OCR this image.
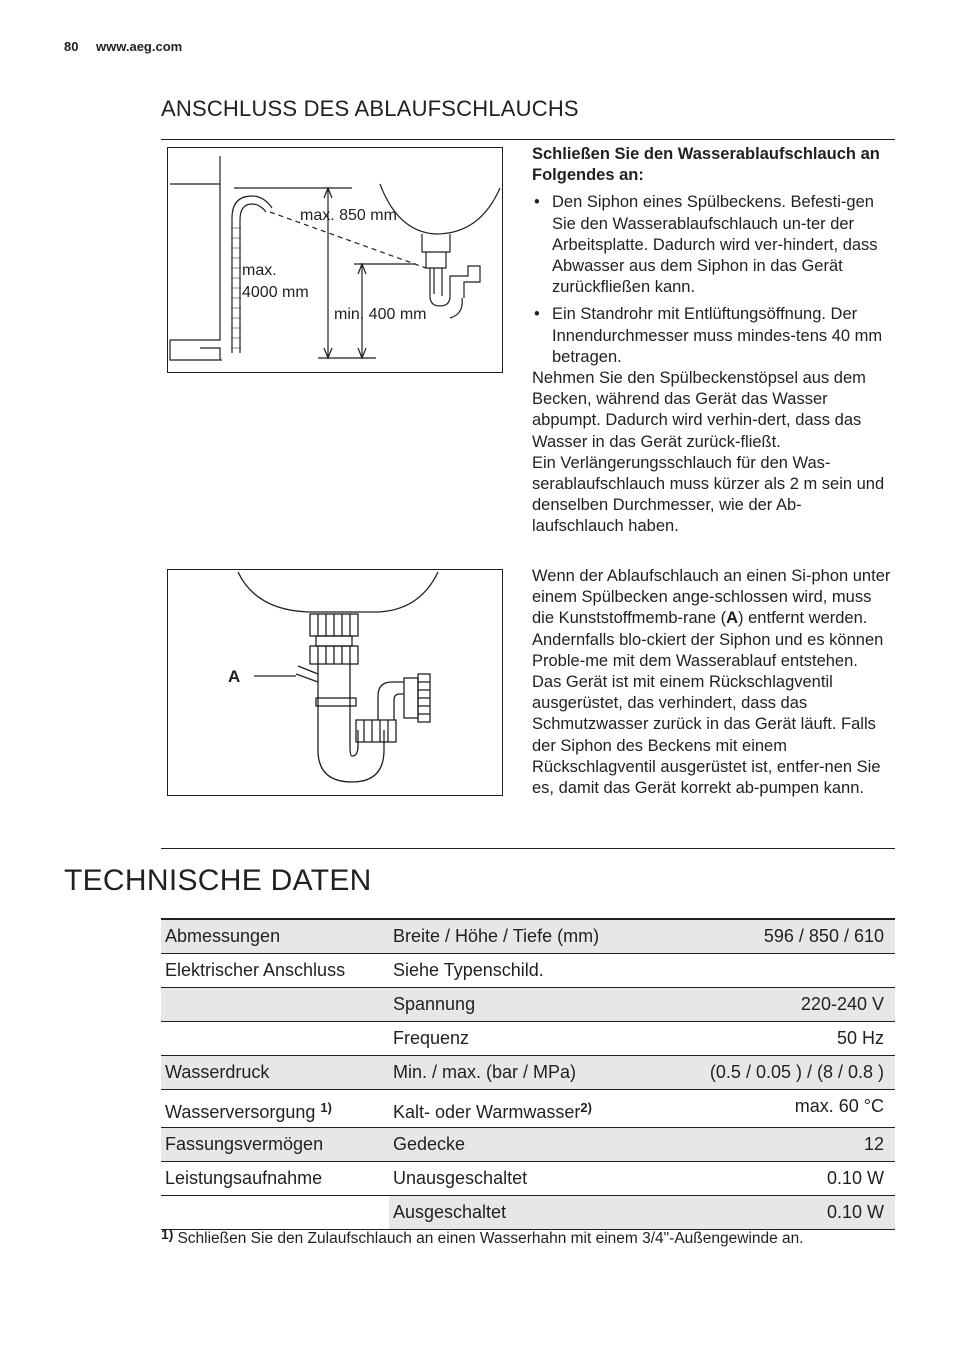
80 www.aeg.com
ANSCHLUSS DES ABLAUFSCHLAUCHS
max. 850 mm
max.
4000 mm
min. 400 mm

Schließen Sie den Wasserablaufschlauch an Folgendes an:

• Den Siphon eines Spülbeckens. Befesti-gen Sie den Wasserablaufschlauch un-ter der Arbeitsplatte. Dadurch wird ver-hindert, dass Abwasser aus dem Siphon in das Gerät zurückfließen kann.
• Ein Standrohr mit Entlüftungsöffnung. Der Innendurchmesser muss mindes-tens 40 mm betragen.

Nehmen Sie den Spülbeckenstöpsel aus dem Becken, während das Gerät das Wasser abpumpt. Dadurch wird verhin-dert, dass das Wasser in das Gerät zurück-fließt.

Ein Verlängerungsschlauch für den Was-serablaufschlauch muss kürzer als 2 m sein und denselben Durchmesser, wie der Ab-laufschlauch haben.

A

Wenn der Ablaufschlauch an einen Si-phon unter einem Spülbecken ange-schlossen wird, muss die Kunststoffmemb-rane (A) entfernt werden. Andernfalls blo-ckiert der Siphon und es können Proble-me mit dem Wasserablauf entstehen.

Das Gerät ist mit einem Rückschlagventil ausgerüstet, das verhindert, dass das Schmutzwasser zurück in das Gerät läuft. Falls der Siphon des Beckens mit einem Rückschlagventil ausgerüstet ist, entfer-nen Sie es, damit das Gerät korrekt ab-pumpen kann.

TECHNISCHE DATEN
Abmessungen	Breite / Höhe / Tiefe (mm)	596 / 850 / 610
Elektrischer Anschluss	Siehe Typenschild.	
	Spannung	220-240 V
	Frequenz	50 Hz
Wasserdruck	Min. / max. (bar / MPa)	(0.5 / 0.05 ) / (8 / 0.8 )
Wasserversorgung $^{1)}$	Kalt- oder Warmwasser$^{2)}$	max. 60 °C
Fassungsvermögen	Gedecke	12
Leistungsaufnahme	Unausgeschaltet	0.10 W
	Ausgeschaltet	0.10 W
$^{1)}$ Schließen Sie den Zulaufschlauch an einen Wasserhahn mit einem 3/4"-Außengewinde an.
